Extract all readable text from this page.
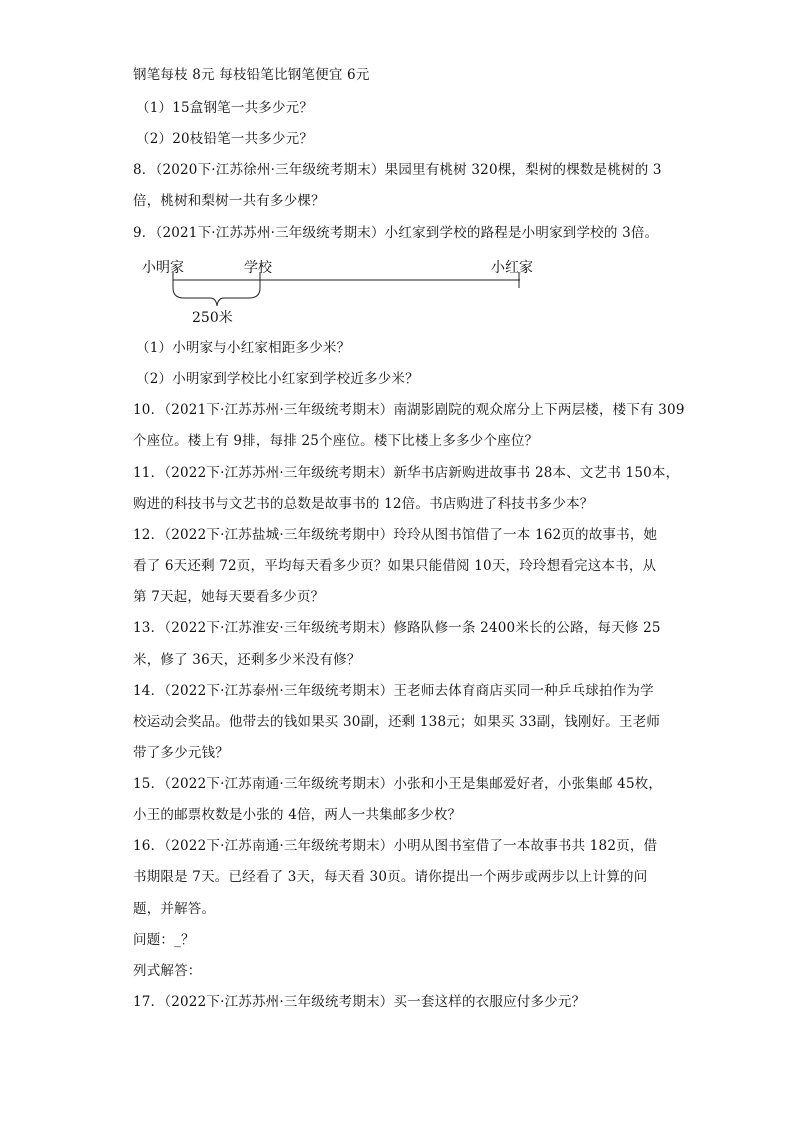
钢笔每枝 8元 每枝铅笔比钢笔便宜 6元
（1）15盒钢笔一共多少元？
（2）20枝铅笔一共多少元？
8．（2020下·江苏徐州·三年级统考期末）果园里有桃树 320棵，梨树的棵数是桃树的 3
倍，桃树和梨树一共有多少棵？
9．（2021下·江苏苏州·三年级统考期末）小红家到学校的路程是小明家到学校的 3倍。
小明家	学校	小红家
250米
（1）小明家与小红家相距多少米？
（2）小明家到学校比小红家到学校近多少米？
10．（2021下·江苏苏州·三年级统考期末）南湖影剧院的观众席分上下两层楼，楼下有 309
个座位。楼上有 9排，每排 25个座位。楼下比楼上多多少个座位？
11．（2022下·江苏苏州·三年级统考期末）新华书店新购进故事书 28本、文艺书 150本，
购进的科技书与文艺书的总数是故事书的 12倍。书店购进了科技书多少本？
12．（2022下·江苏盐城·三年级统考期中）玲玲从图书馆借了一本 162页的故事书，她
看了 6天还剩 72页，平均每天看多少页？如果只能借阅 10天，玲玲想看完这本书，从
第 7天起，她每天要看多少页？
13．（2022下·江苏淮安·三年级统考期末）修路队修一条 2400米长的公路，每天修 25
米，修了 36天，还剩多少米没有修？
14．（2022下·江苏泰州·三年级统考期末）王老师去体育商店买同一种乒乓球拍作为学
校运动会奖品。他带去的钱如果买 30副，还剩 138元；如果买 33副，钱刚好。王老师
带了多少元钱？
15．（2022下·江苏南通·三年级统考期末）小张和小王是集邮爱好者，小张集邮 45枚，
小王的邮票枚数是小张的 4倍，两人一共集邮多少枚？
16．（2022下·江苏南通·三年级统考期末）小明从图书室借了一本故事书共 182页，借
书期限是 7天。已经看了 3天，每天看 30页。请你提出一个两步或两步以上计算的问
题，并解答。
问题：_？
列式解答：
17．（2022下·江苏苏州·三年级统考期末）买一套这样的衣服应付多少元？
